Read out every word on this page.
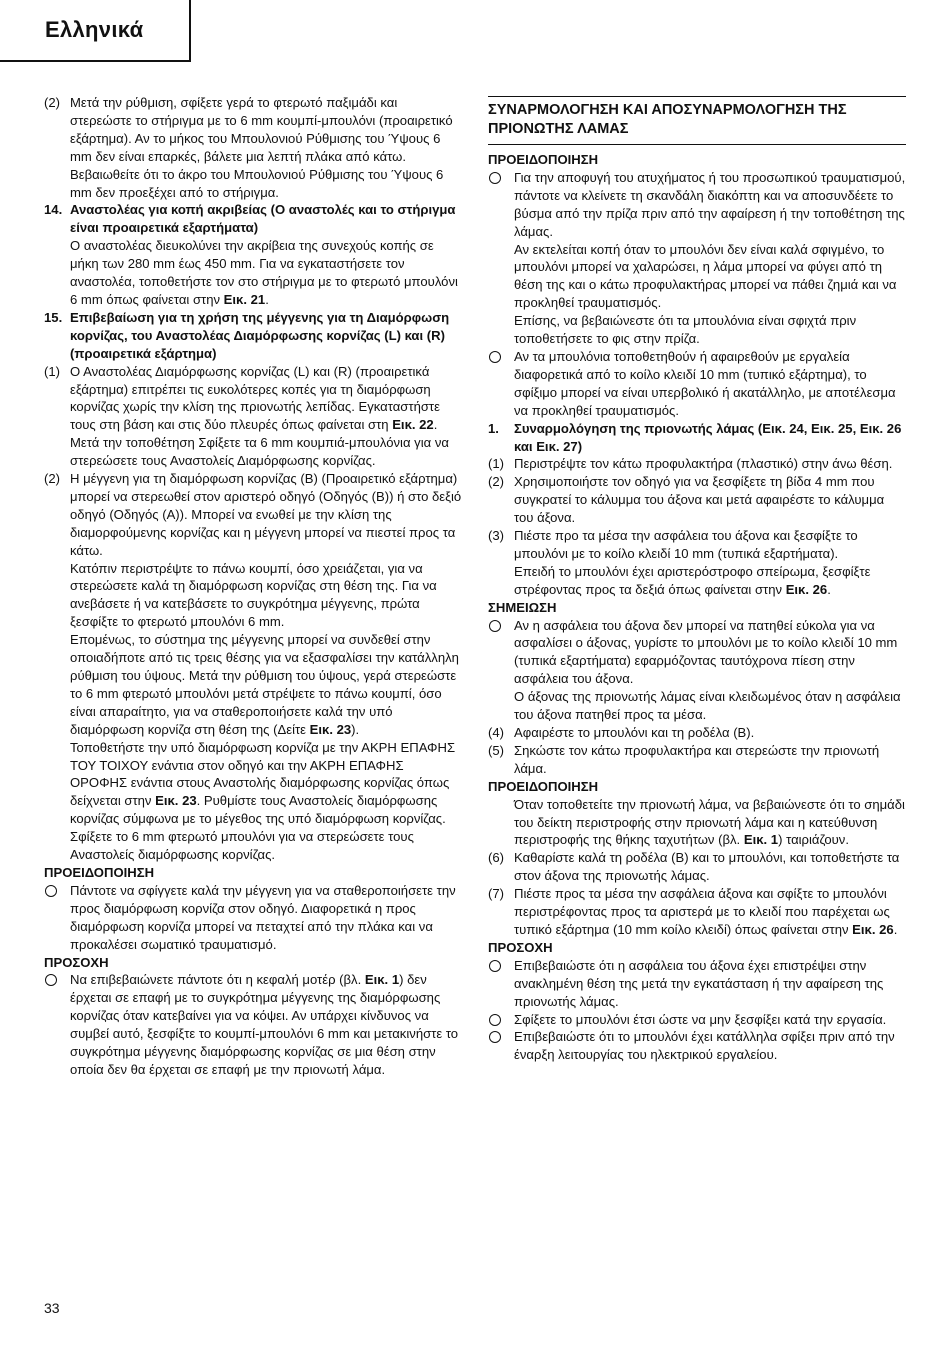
Ελληνικά
(2) Μετά την ρύθμιση, σφίξετε γερά το φτερωτό παξιμάδι και στερεώστε το στήριγμα με το 6 mm κουμπί-μπουλόνι (προαιρετικό εξάρτημα). Αν το μήκος του Μπουλονιού Ρύθμισης του Ύψους 6 mm δεν είναι επαρκές, βάλετε μια λεπτή πλάκα από κάτω. Βεβαιωθείτε ότι το άκρο του Μπουλονιού Ρύθμισης του Ύψους 6 mm δεν προεξέχει από το στήριγμα.
14. Αναστολέας για κοπή ακριβείας (Ο αναστολές και το στήριγμα είναι προαιρετικά εξαρτήματα)
Ο αναστολέας διευκολύνει την ακρίβεια της συνεχούς κοπής σε μήκη των 280 mm έως 450 mm. Για να εγκαταστήσετε τον αναστολέα, τοποθετήστε τον στο στήριγμα με το φτερωτό μπουλόνι 6 mm όπως φαίνεται στην Εικ. 21.
15. Επιβεβαίωση για τη χρήση της μέγγενης για τη Διαμόρφωση κορνίζας, του Αναστολέας Διαμόρφωσης κορνίζας (L) και (R) (προαιρετικά εξάρτημα)
(1) Ο Αναστολέας Διαμόρφωσης κορνίζας (L) και (R) (προαιρετικά εξάρτημα) επιτρέπει τις ευκολότερες κοπές για τη διαμόρφωση κορνίζας χωρίς την κλίση της πριονωτής λεπίδας. Εγκαταστήστε τους στη βάση και στις δύο πλευρές όπως φαίνεται στη Εικ. 22. Μετά την τοποθέτηση Σφίξετε τα 6 mm κουμπιά-μπουλόνια για να στερεώσετε τους Αναστολείς Διαμόρφωσης κορνίζας.
(2) Η μέγγενη για τη διαμόρφωση κορνίζας (B) (Προαιρετικό εξάρτημα) μπορεί να στερεωθεί στον αριστερό οδηγό (Οδηγός (B)) ή στο δεξιό οδηγό (Οδηγός (A)). Μπορεί να ενωθεί με την κλίση της διαμορφούμενης κορνίζας και η μέγγενη μπορεί να πιεστεί προς τα κάτω.
Κατόπιν περιστρέψτε το πάνω κουμπί, όσο χρειάζεται, για να στερεώσετε καλά τη διαμόρφωση κορνίζας στη θέση της. Για να ανεβάσετε ή να κατεβάσετε το συγκρότημα μέγγενης, πρώτα ξεσφίξτε το φτερωτό μπουλόνι 6 mm.
Επομένως, το σύστημα της μέγγενης μπορεί να συνδεθεί στην οποιαδήποτε από τις τρεις θέσης για να εξασφαλίσει την κατάλληλη ρύθμιση του ύψους. Μετά την ρύθμιση του ύψους, γερά στερεώστε το 6 mm φτερωτό μπουλόνι μετά στρέψετε το πάνω κουμπί, όσο είναι απαραίτητο, για να σταθεροποιήσετε καλά την υπό διαμόρφωση κορνίζα στη θέση της (Δείτε Εικ. 23).
Τοποθετήστε την υπό διαμόρφωση κορνίζα με την ΑΚΡΗ ΕΠΑΦΗΣ ΤΟΥ ΤΟΙΧΟΥ ενάντια στον οδηγό και την ΑΚΡΗ ΕΠΑΦΗΣ ΟΡΟΦΗΣ ενάντια στους Αναστολής διαμόρφωσης κορνίζας όπως δείχνεται στην Εικ. 23. Ρυθμίστε τους Αναστολείς διαμόρφωσης κορνίζας σύμφωνα με το μέγεθος της υπό διαμόρφωση κορνίζας. Σφίξετε το 6 mm φτερωτό μπουλόνι για να στερεώσετε τους Αναστολείς διαμόρφωσης κορνίζας.

ΠΡΟΕΙΔΟΠΟΙΗΣΗ

Πάντοτε να σφίγγετε καλά την μέγγενη για να σταθεροποιήσετε την προς διαμόρφωση κορνίζα στον οδηγό. Διαφορετικά η προς διαμόρφωση κορνίζα μπορεί να πεταχτεί από την πλάκα και να προκαλέσει σωματικό τραυματισμό.

ΠΡΟΣΟΧΗ

Να επιβεβαιώνετε πάντοτε ότι η κεφαλή μοτέρ (βλ. Εικ. 1) δεν έρχεται σε επαφή με το συγκρότημα μέγγενης της διαμόρφωσης κορνίζας όταν κατεβαίνει για να κόψει. Αν υπάρχει κίνδυνος να συμβεί αυτό, ξεσφίξτε το κουμπί-μπουλόνι 6 mm και μετακινήστε το συγκρότημα μέγγενης διαμόρφωσης κορνίζας σε μια θέση στην οποία δεν θα έρχεται σε επαφή με την πριονωτή λάμα.
ΣΥΝΑΡΜΟΛΟΓΗΣΗ ΚΑΙ ΑΠΟΣΥΝΑΡΜΟΛΟΓΗΣΗ ΤΗΣ ΠΡΙΟΝΩΤΗΣ ΛΑΜΑΣ

ΠΡΟΕΙΔΟΠΟΙΗΣΗ

Για την αποφυγή του ατυχήματος ή του προσωπικού τραυματισμού, πάντοτε να κλείνετε τη σκανδάλη διακόπτη και να αποσυνδέετε το βύσμα από την πρίζα πριν από την αφαίρεση ή την τοποθέτηση της λάμας.
Αν εκτελείται κοπή όταν το μπουλόνι δεν είναι καλά σφιγμένο, το μπουλόνι μπορεί να χαλαρώσει, η λάμα μπορεί να φύγει από τη θέση της και ο κάτω προφυλακτήρας μπορεί να πάθει ζημιά και να προκληθεί τραυματισμός.
Επίσης, να βεβαιώνεστε ότι τα μπουλόνια είναι σφιχτά πριν τοποθετήσετε το φις στην πρίζα.
Αν τα μπουλόνια τοποθετηθούν ή αφαιρεθούν με εργαλεία διαφορετικά από το κοίλο κλειδί 10 mm (τυπικό εξάρτημα), το σφίξιμο μπορεί να είναι υπερβολικό ή ακατάλληλο, με αποτέλεσμα να προκληθεί τραυματισμός.
1. Συναρμολόγηση της πριονωτής λάμας (Εικ. 24, Εικ. 25, Εικ. 26 και Εικ. 27)
(1) Περιστρέψτε τον κάτω προφυλακτήρα (πλαστικό) στην άνω θέση.
(2) Χρησιμοποιήστε τον οδηγό για να ξεσφίξετε τη βίδα 4 mm που συγκρατεί το κάλυμμα του άξονα και μετά αφαιρέστε το κάλυμμα του άξονα.
(3) Πιέστε προ τα μέσα την ασφάλεια του άξονα και ξεσφίξτε το μπουλόνι με το κοίλο κλειδί 10 mm (τυπικά εξαρτήματα).
Επειδή το μπουλόνι έχει αριστερόστροφο σπείρωμα, ξεσφίξτε στρέφοντας προς τα δεξιά όπως φαίνεται στην Εικ. 26.

ΣΗΜΕΙΩΣΗ

Αν η ασφάλεια του άξονα δεν μπορεί να πατηθεί εύκολα για να ασφαλίσει ο άξονας, γυρίστε το μπουλόνι με το κοίλο κλειδί 10 mm (τυπικά εξαρτήματα) εφαρμόζοντας ταυτόχρονα πίεση στην ασφάλεια του άξονα.
Ο άξονας της πριονωτής λάμας είναι κλειδωμένος όταν η ασφάλεια του άξονα πατηθεί προς τα μέσα.
(4) Αφαιρέστε το μπουλόνι και τη ροδέλα (B).
(5) Σηκώστε τον κάτω προφυλακτήρα και στερεώστε την πριονωτή λάμα.

ΠΡΟΕΙΔΟΠΟΙΗΣΗ

Όταν τοποθετείτε την πριονωτή λάμα, να βεβαιώνεστε ότι το σημάδι του δείκτη περιστροφής στην πριονωτή λάμα και η κατεύθυνση περιστροφής της θήκης ταχυτήτων (βλ. Εικ. 1) ταιριάζουν.
(6) Καθαρίστε καλά τη ροδέλα (B) και το μπουλόνι, και τοποθετήστε τα στον άξονα της πριονωτής λάμας.
(7) Πιέστε προς τα μέσα την ασφάλεια άξονα και σφίξτε το μπουλόνι περιστρέφοντας προς τα αριστερά με το κλειδί που παρέχεται ως τυπικό εξάρτημα (10 mm κοίλο κλειδί) όπως φαίνεται στην Εικ. 26.

ΠΡΟΣΟΧΗ

Επιβεβαιώστε ότι η ασφάλεια του άξονα έχει επιστρέψει στην ανακλημένη θέση της μετά την εγκατάσταση ή την αφαίρεση της πριονωτής λάμας.
Σφίξετε το μπουλόνι έτσι ώστε να μην ξεσφίξει κατά την εργασία.
Επιβεβαιώστε ότι το μπουλόνι έχει κατάλληλα σφίξει πριν από την έναρξη λειτουργίας του ηλεκτρικού εργαλείου.
33
